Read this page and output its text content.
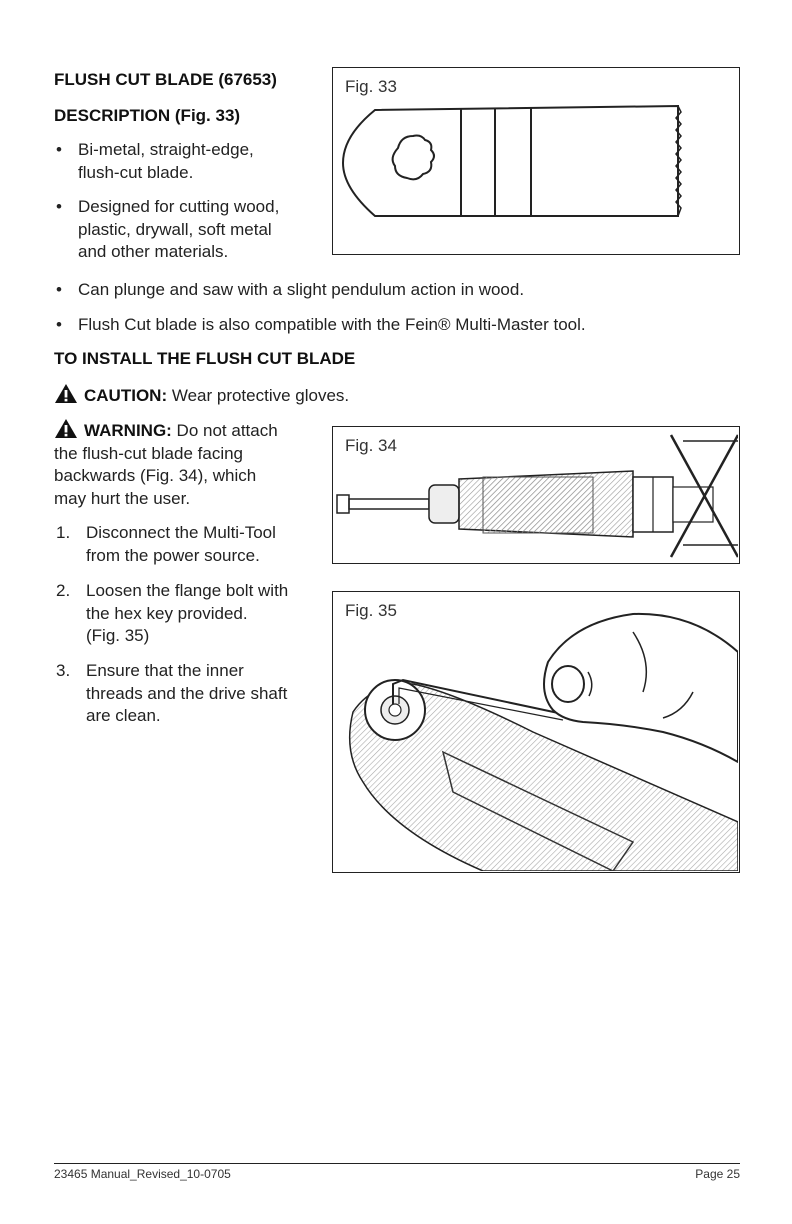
FLUSH CUT BLADE (67653)
DESCRIPTION (Fig. 33)
• Bi-metal, straight-edge,
flush-cut blade.
• Designed for cutting wood,
plastic, drywall, soft metal
and other materials.
Fig. 33
• Can plunge and saw with a slight pendulum action in wood.
• Flush Cut blade is also compatible with the Fein® Multi-Master tool.
TO INSTALL THE FLUSH CUT BLADE
CAUTION: Wear protective gloves.
WARNING: Do not attach
the flush-cut blade facing
backwards (Fig. 34), which
may hurt the user.
1. Disconnect the Multi-Tool
from the power source.
2. Loosen the flange bolt with
the hex key provided.
(Fig. 35)
3. Ensure that the inner
threads and the drive shaft
are clean.
Fig. 34
Fig. 35
23465 Manual_Revised_10-0705	Page 25
